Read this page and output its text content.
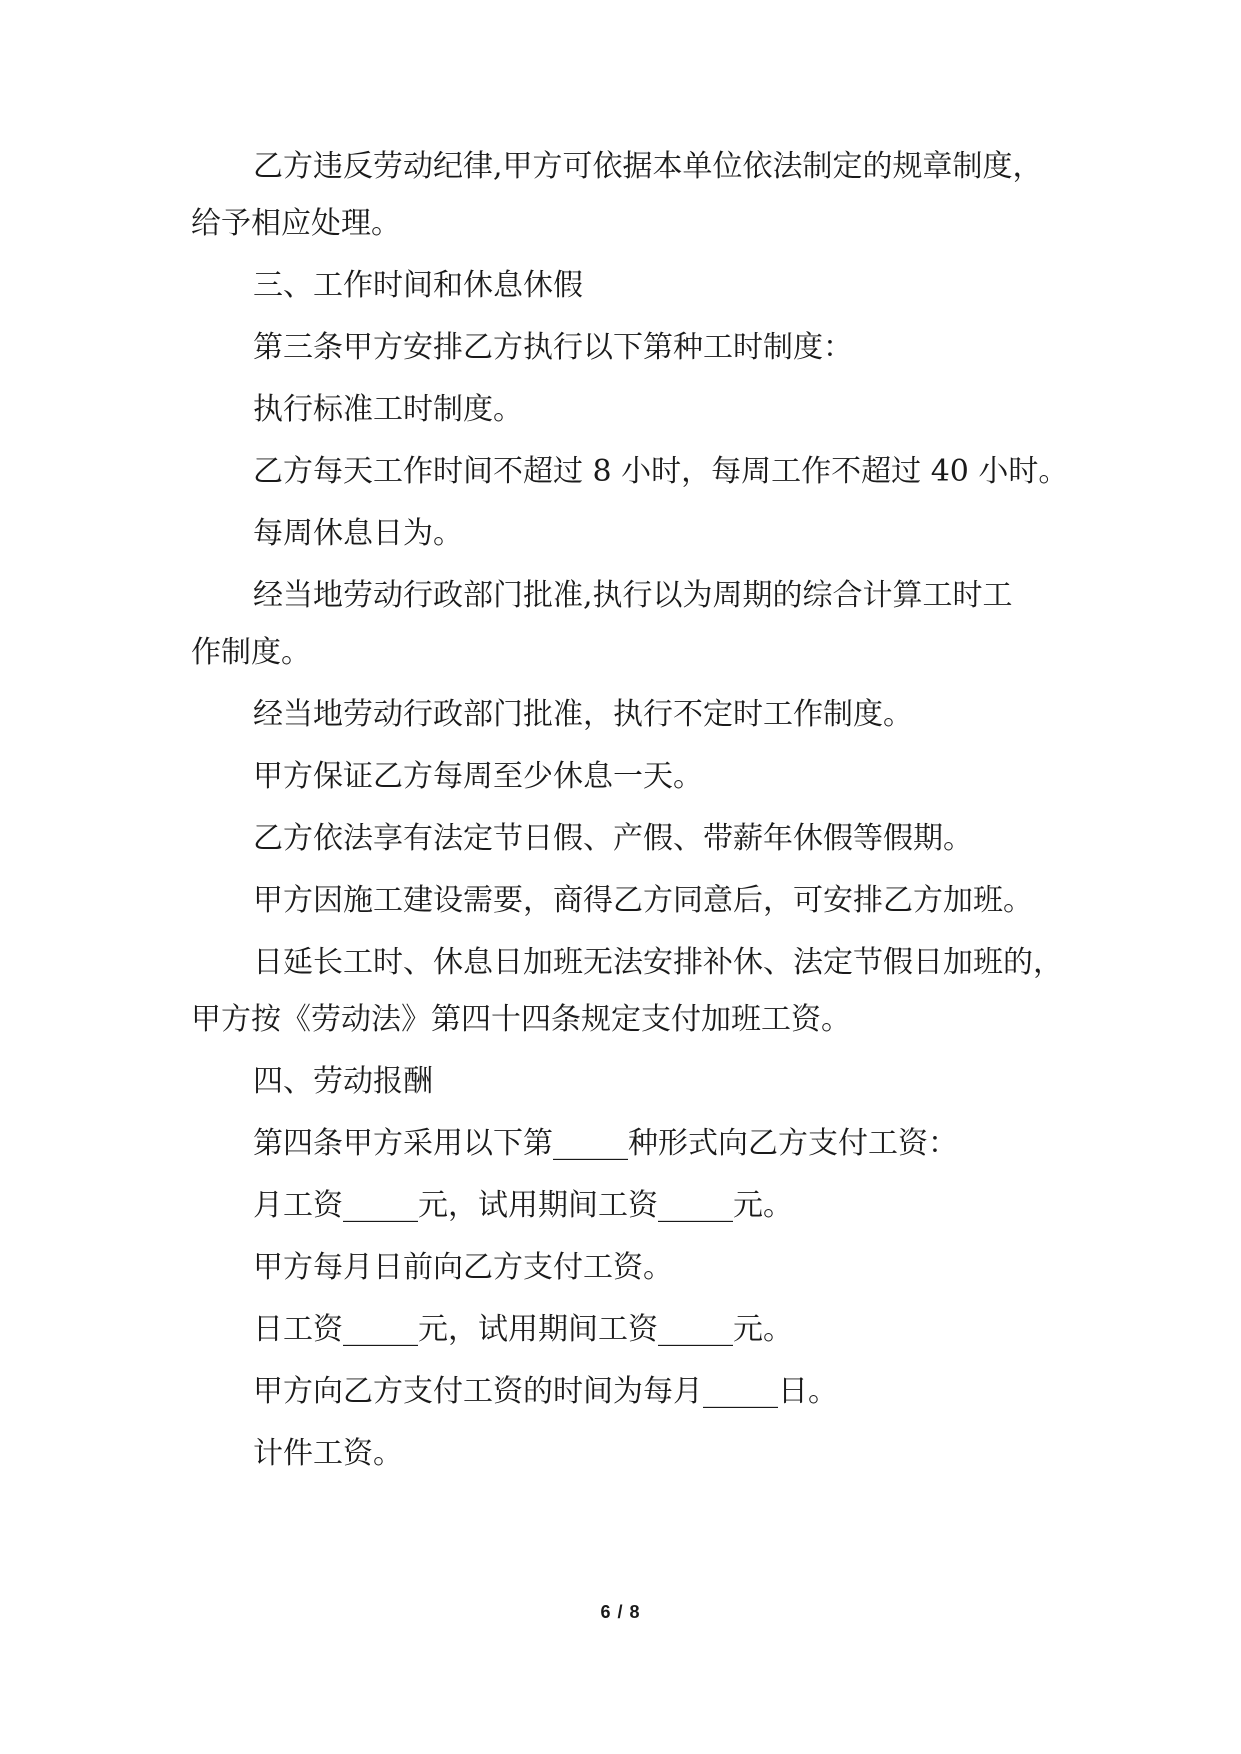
乙方违反劳动纪律,甲方可依据本单位依法制定的规章制度，
给予相应处理。
三、工作时间和休息休假
第三条甲方安排乙方执行以下第种工时制度：
执行标准工时制度。
乙方每天工作时间不超过 8 小时，每周工作不超过 40 小时。
每周休息日为。
经当地劳动行政部门批准,执行以为周期的综合计算工时工
作制度。
经当地劳动行政部门批准，执行不定时工作制度。
甲方保证乙方每周至少休息一天。
乙方依法享有法定节日假、产假、带薪年休假等假期。
甲方因施工建设需要，商得乙方同意后，可安排乙方加班。
日延长工时、休息日加班无法安排补休、法定节假日加班的，
甲方按《劳动法》第四十四条规定支付加班工资。
四、劳动报酬
第四条甲方采用以下第_____种形式向乙方支付工资：
月工资_____元，试用期间工资_____元。
甲方每月日前向乙方支付工资。
日工资_____元，试用期间工资_____元。
甲方向乙方支付工资的时间为每月_____日。
计件工资。
6 / 8
